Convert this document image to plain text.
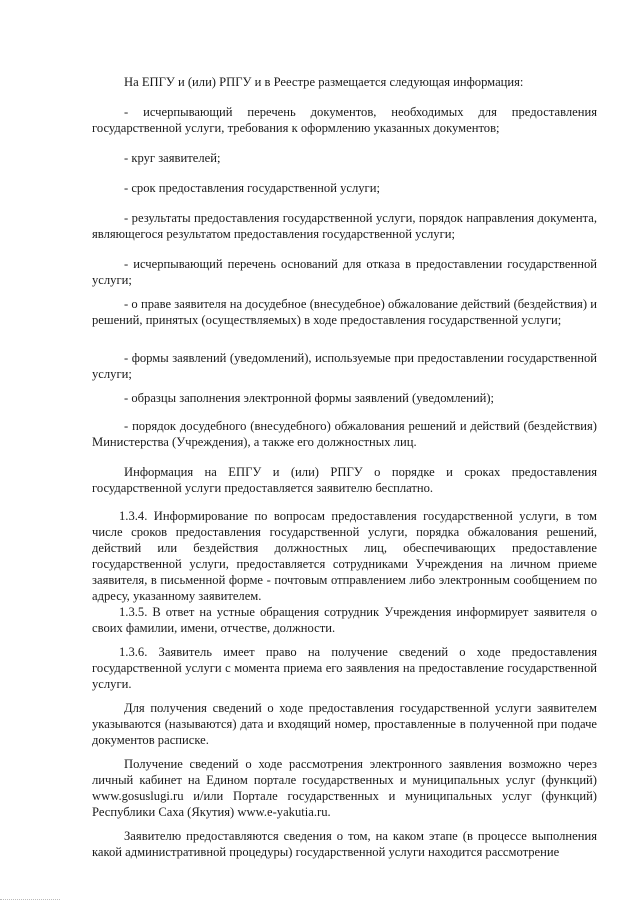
На ЕПГУ и (или) РПГУ и в Реестре размещается следующая информация:

- исчерпывающий перечень документов, необходимых для предоставления государственной услуги, требования к оформлению указанных документов;

- круг заявителей;

- срок предоставления государственной услуги;

- результаты предоставления государственной услуги, порядок направления документа, являющегося результатом предоставления государственной услуги;

- исчерпывающий перечень оснований для отказа в предоставлении государственной услуги;

- о праве заявителя на досудебное (внесудебное) обжалование действий (бездействия) и решений, принятых (осуществляемых) в ходе предоставления государственной услуги;

- формы заявлений (уведомлений), используемые при предоставлении государственной услуги;

- образцы заполнения электронной формы заявлений (уведомлений);

- порядок досудебного (внесудебного) обжалования решений и действий (бездействия) Министерства (Учреждения), а также его должностных лиц.

Информация на ЕПГУ и (или) РПГУ о порядке и сроках предоставления государственной услуги предоставляется заявителю бесплатно.

1.3.4. Информирование по вопросам предоставления государственной услуги, в том числе сроков предоставления государственной услуги, порядка обжалования решений, действий или бездействия должностных лиц, обеспечивающих предоставление государственной услуги, предоставляется сотрудниками Учреждения на личном приеме заявителя, в письменной форме - почтовым отправлением либо электронным сообщением по адресу, указанному заявителем.

1.3.5. В ответ на устные обращения сотрудник Учреждения информирует заявителя о своих фамилии, имени, отчестве, должности.

1.3.6. Заявитель имеет право на получение сведений о ходе предоставления государственной услуги с момента приема его заявления на предоставление государственной услуги.

Для получения сведений о ходе предоставления государственной услуги заявителем указываются (называются) дата и входящий номер, проставленные в полученной при подаче документов расписке.

Получение сведений о ходе рассмотрения электронного заявления возможно через личный кабинет на Едином портале государственных и муниципальных услуг (функций) www.gosuslugi.ru и/или Портале государственных и муниципальных услуг (функций) Республики Саха (Якутия) www.e-yakutia.ru.

Заявителю предоставляются сведения о том, на каком этапе (в процессе выполнения какой административной процедуры) государственной услуги находится рассмотрение
